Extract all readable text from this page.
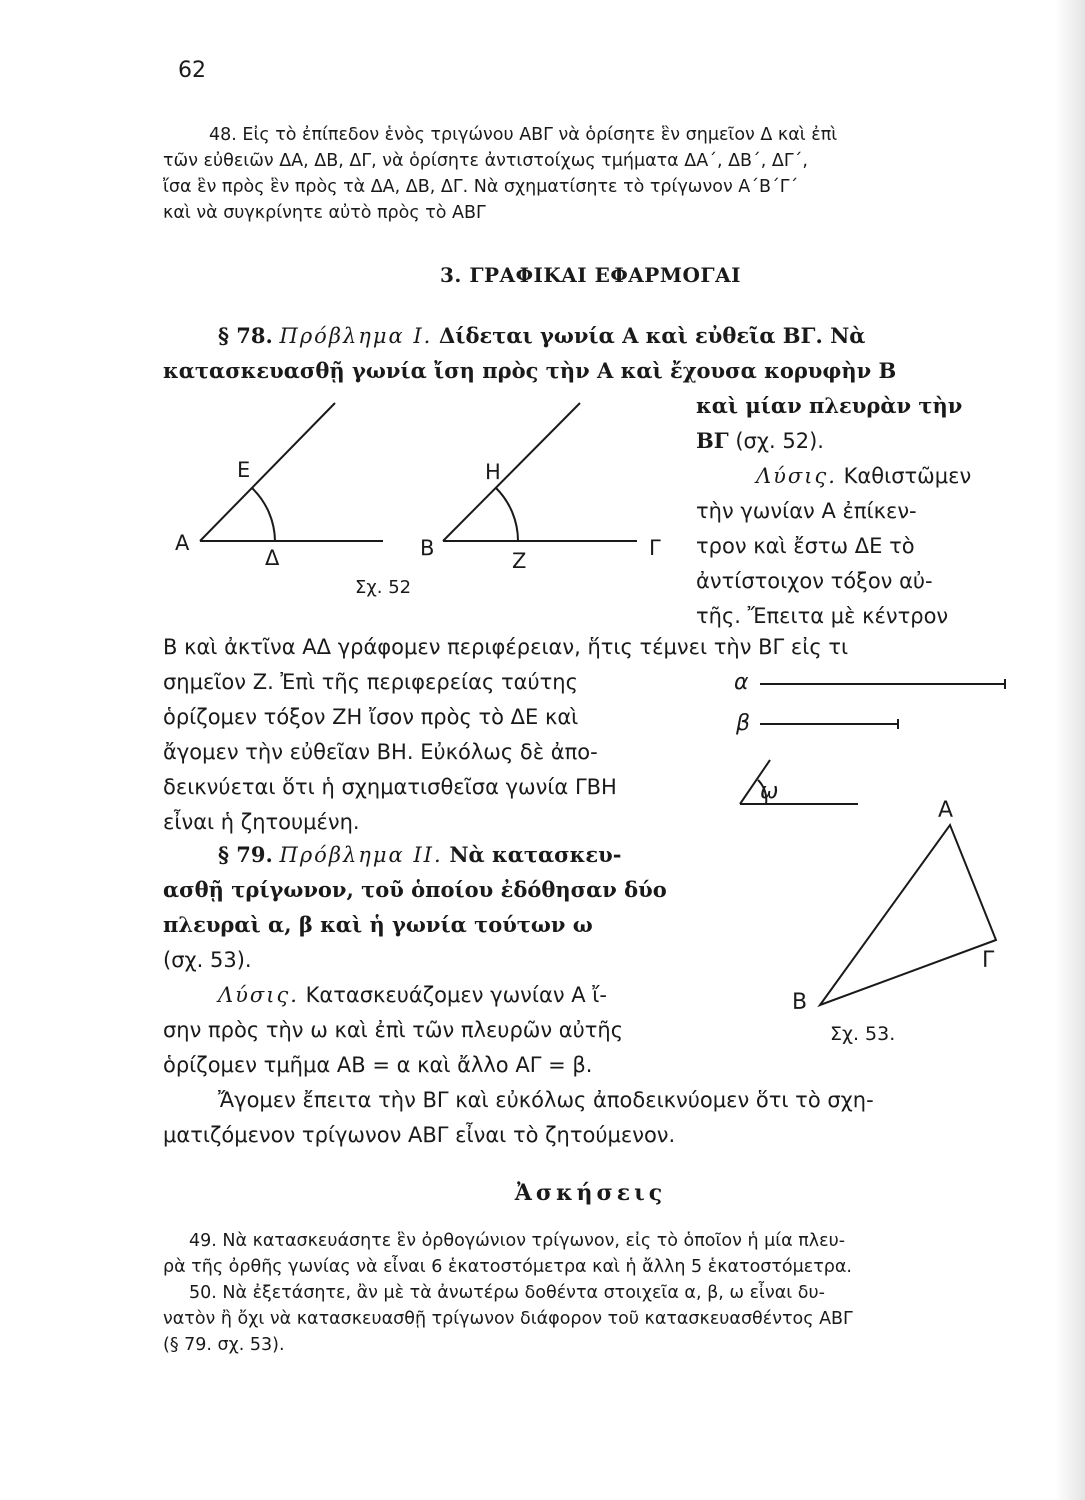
62
48. Εἰς τὸ ἐπίπεδον ἑνὸς τριγώνου ΑΒΓ νὰ ὁρίσητε ἓν σημεῖον Δ καὶ ἐπὶ
τῶν εὐθειῶν ΔΑ, ΔΒ, ΔΓ, νὰ ὁρίσητε ἀντιστοίχως τμήματα ΔΑ΄, ΔΒ΄, ΔΓ΄,
ἴσα ἓν πρὸς ἓν πρὸς τὰ ΔΑ, ΔΒ, ΔΓ. Νὰ σχηματίσητε τὸ τρίγωνον Α΄Β΄Γ΄
καὶ νὰ συγκρίνητε αὐτὸ πρὸς τὸ ΑΒΓ
3. ΓΡΑΦΙΚΑΙ ΕΦΑΡΜΟΓΑΙ
§ 78. Πρόβλημα Ι. Δίδεται γωνία Α καὶ εὐθεῖα ΒΓ. Νὰ
κατασκευασθῇ γωνία ἴση πρὸς τὴν Α καὶ ἔχουσα κορυφὴν Β
καὶ μίαν πλευρὰν τὴν
ΒΓ (σχ. 52).
Λύσις. Καθιστῶμεν
τὴν γωνίαν Α ἐπίκεν-
τρον καὶ ἔστω ΔΕ τὸ
ἀντίστοιχον τόξον αὐ-
τῆς. Ἔπειτα μὲ κέντρον
Β καὶ ἀκτῖνα ΑΔ γράφομεν περιφέρειαν, ἥτις τέμνει τὴν ΒΓ εἰς τι
σημεῖον Ζ. Ἐπὶ τῆς περιφερείας ταύτης
ὁρίζομεν τόξον ΖΗ ἴσον πρὸς τὸ ΔΕ καὶ
ἄγομεν τὴν εὐθεῖαν ΒΗ. Εὐκόλως δὲ ἀπο-
δεικνύεται ὅτι ἡ σχηματισθεῖσα γωνία ΓΒΗ
εἶναι ἡ ζητουμένη.
Α
Ε
Δ	Β
Η
Ζ
Γ
Σχ. 52
α
β
ω
§ 79. Πρόβλημα ΙΙ. Νὰ κατασκευ-
ασθῇ τρίγωνον, τοῦ ὁποίου ἐδόθησαν δύο
πλευραὶ α, β καὶ ἡ γωνία τούτων ω
(σχ. 53).
Λύσις. Κατασκευάζομεν γωνίαν Α ἴ-
σην πρὸς τὴν ω καὶ ἐπὶ τῶν πλευρῶν αὐτῆς
ὁρίζομεν τμῆμα ΑΒ = α καὶ ἄλλο ΑΓ = β.
Ἄγομεν ἔπειτα τὴν ΒΓ καὶ εὐκόλως ἀποδεικνύομεν ὅτι τὸ σχη-
ματιζόμενον τρίγωνον ΑΒΓ εἶναι τὸ ζητούμενον.
Α
Β
Γ
Σχ. 53.
Ἀσκήσεις
49. Νὰ κατασκευάσητε ἓν ὀρθογώνιον τρίγωνον, εἰς τὸ ὁποῖον ἡ μία πλευ-
ρὰ τῆς ὀρθῆς γωνίας νὰ εἶναι 6 ἑκατοστόμετρα καὶ ἡ ἄλλη 5 ἑκατοστόμετρα.
50. Νὰ ἐξετάσητε, ἂν μὲ τὰ ἀνωτέρω δοθέντα στοιχεῖα α, β, ω εἶναι δυ-
νατὸν ἢ ὄχι νὰ κατασκευασθῇ τρίγωνον διάφορον τοῦ κατασκευασθέντος ΑΒΓ
(§ 79. σχ. 53).
